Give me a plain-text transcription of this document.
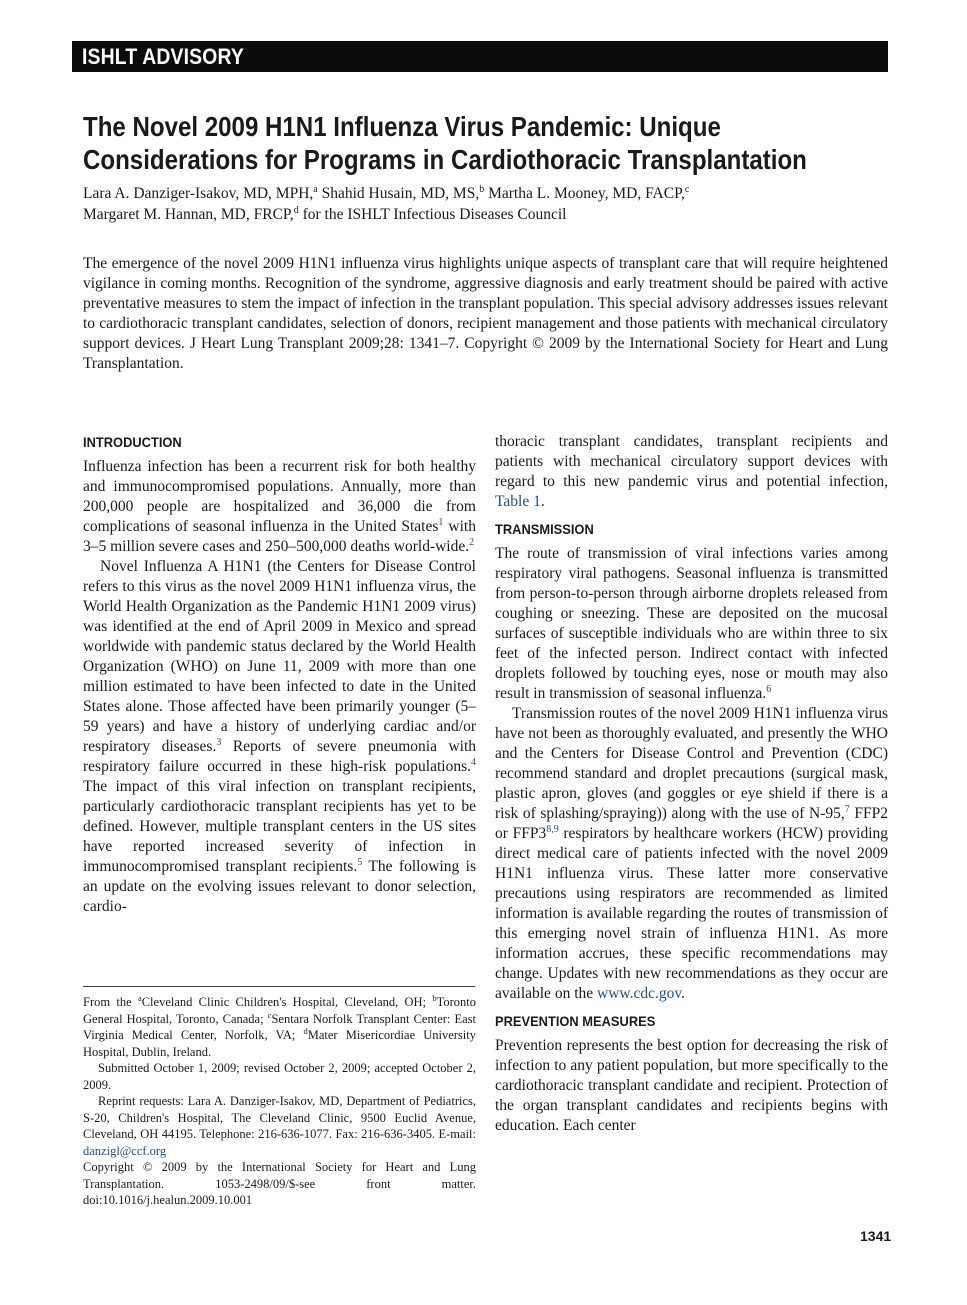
ISHLT ADVISORY
The Novel 2009 H1N1 Influenza Virus Pandemic: Unique Considerations for Programs in Cardiothoracic Transplantation
Lara A. Danziger-Isakov, MD, MPH,$^a$ Shahid Husain, MD, MS,$^b$ Martha L. Mooney, MD, FACP,$^c$
Margaret M. Hannan, MD, FRCP,$^d$ for the ISHLT Infectious Diseases Council
The emergence of the novel 2009 H1N1 influenza virus highlights unique aspects of transplant care that will require heightened vigilance in coming months. Recognition of the syndrome, aggressive diagnosis and early treatment should be paired with active preventative measures to stem the impact of infection in the transplant population. This special advisory addresses issues relevant to cardiothoracic transplant candidates, selection of donors, recipient management and those patients with mechanical circulatory support devices. J Heart Lung Transplant 2009;28: 1341–7. Copyright © 2009 by the International Society for Heart and Lung Transplantation.

INTRODUCTION

Influenza infection has been a recurrent risk for both healthy and immunocompromised populations. Annually, more than 200,000 people are hospitalized and 36,000 die from complications of seasonal influenza in the United States$^1$ with 3–5 million severe cases and 250–500,000 deaths world-wide.$^2$

Novel Influenza A H1N1 (the Centers for Disease Control refers to this virus as the novel 2009 H1N1 influenza virus, the World Health Organization as the Pandemic H1N1 2009 virus) was identified at the end of April 2009 in Mexico and spread worldwide with pandemic status declared by the World Health Organization (WHO) on June 11, 2009 with more than one million estimated to have been infected to date in the United States alone. Those affected have been primarily younger (5–59 years) and have a history of underlying cardiac and/or respiratory diseases.$^3$ Reports of severe pneumonia with respiratory failure occurred in these high-risk populations.$^4$ The impact of this viral infection on transplant recipients, particularly cardiothoracic transplant recipients has yet to be defined. However, multiple transplant centers in the US sites have reported increased severity of infection in immunocompromised transplant recipients.$^5$ The following is an update on the evolving issues relevant to donor selection, cardio-

From the $^a$Cleveland Clinic Children's Hospital, Cleveland, OH; $^b$Toronto General Hospital, Toronto, Canada; $^c$Sentara Norfolk Transplant Center: East Virginia Medical Center, Norfolk, VA; $^d$Mater Misericordiae University Hospital, Dublin, Ireland.

Submitted October 1, 2009; revised October 2, 2009; accepted October 2, 2009.

Reprint requests: Lara A. Danziger-Isakov, MD, Department of Pediatrics, S-20, Children's Hospital, The Cleveland Clinic, 9500 Euclid Avenue, Cleveland, OH 44195. Telephone: 216-636-1077. Fax: 216-636-3405. E-mail: danzigl@ccf.org

Copyright © 2009 by the International Society for Heart and Lung Transplantation. 1053-2498/09/$-see front matter. doi:10.1016/j.healun.2009.10.001

thoracic transplant candidates, transplant recipients and patients with mechanical circulatory support devices with regard to this new pandemic virus and potential infection, Table 1.

TRANSMISSION

The route of transmission of viral infections varies among respiratory viral pathogens. Seasonal influenza is transmitted from person-to-person through airborne droplets released from coughing or sneezing. These are deposited on the mucosal surfaces of susceptible individuals who are within three to six feet of the infected person. Indirect contact with infected droplets followed by touching eyes, nose or mouth may also result in transmission of seasonal influenza.$^6$

Transmission routes of the novel 2009 H1N1 influenza virus have not been as thoroughly evaluated, and presently the WHO and the Centers for Disease Control and Prevention (CDC) recommend standard and droplet precautions (surgical mask, plastic apron, gloves (and goggles or eye shield if there is a risk of splashing/spraying)) along with the use of N-95,$^7$ FFP2 or FFP3$^{8,9}$ respirators by healthcare workers (HCW) providing direct medical care of patients infected with the novel 2009 H1N1 influenza virus. These latter more conservative precautions using respirators are recommended as limited information is available regarding the routes of transmission of this emerging novel strain of influenza H1N1. As more information accrues, these specific recommendations may change. Updates with new recommendations as they occur are available on the www.cdc.gov.

PREVENTION MEASURES

Prevention represents the best option for decreasing the risk of infection to any patient population, but more specifically to the cardiothoracic transplant candidate and recipient. Protection of the organ transplant candidates and recipients begins with education. Each center

1341
